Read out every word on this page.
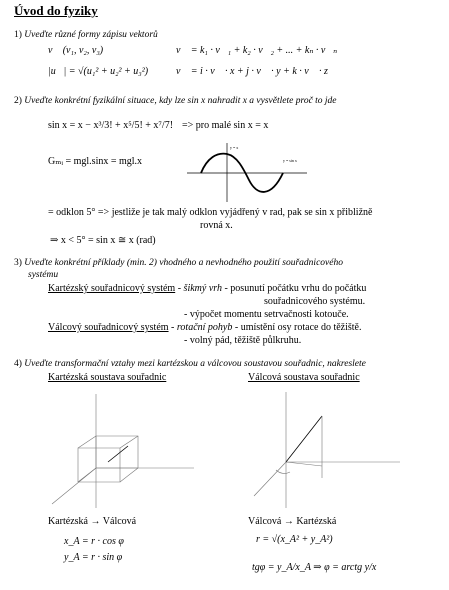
Úvod do fyziky
1) Uveďte různé formy zápisu vektorů
v⃗ (v₁, v₂, v₃)	v⃗ = k₁ · v⃗₁ + k₂ · v⃗₂ + ... + kₙ · v⃗ₙ
|u⃗| = √(u₁² + u₂² + u₃²)	v⃗ = i · v⃗ · x + j · v⃗ · y + k · v⃗ · z
2) Uveďte konkrétní fyzikální situace, kdy lze sin x nahradit x a vysvětlete proč to jde
sin x = x − x³/3! + x⁵/5! + x⁷/7! => pro malé sin x = x
Gₘᵢ = mgl.sinx = mgl.x
y = x
y = sin x
= odklon 5° => jestliže je tak malý odklon vyjádřený v rad, pak se sin x přibližně
rovná x.
⇒ x < 5° = sin x ≅ x (rad)
3) Uveďte konkrétní příklady (min. 2) vhodného a nevhodného použití souřadnicového
systému
Kartézský souřadnicový systém - šikmý vrh - posunutí počátku vrhu do počátku
souřadnicového systému.
- výpočet momentu setrvačnosti kotouče.
Válcový souřadnicový systém - rotační pohyb - umístění osy rotace do těžiště.
- volný pád, těžiště půlkruhu.
4) Uveďte transformační vztahy mezi kartézskou a válcovou soustavou souřadnic, nakreslete
Kartézská soustava souřadnic	Válcová soustava souřadnic
Kartézská → Válcová	Válcová → Kartézská
x_A = r · cos φ
y_A = r · sin φ
r = √(x_A² + y_A²)
tgφ = y_A/x_A ⇒ φ = arctg y/x
